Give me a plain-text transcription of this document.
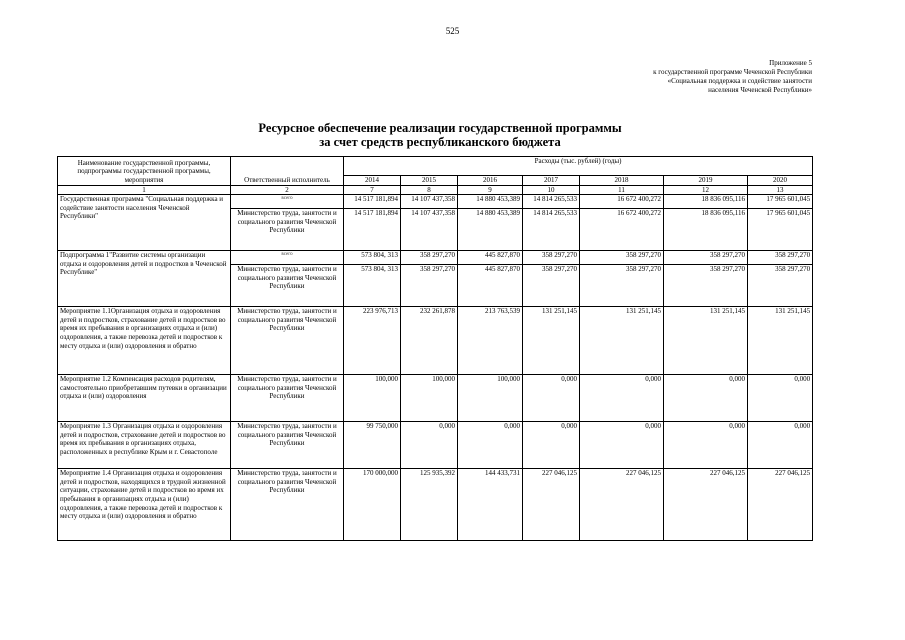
525
Приложение 5
к государственной программе Чеченской Республики
«Социальная поддержка и содействие занятости
населения Чеченской Республики»
Ресурсное обеспечение реализации государственной программы
за счет средств республиканского бюджета
Наименование государственной программы, подпрограммы государственной программы, мероприятия	Ответственный исполнитель	Расходы (тыс. рублей) (годы)						
		2014	2015	2016	2017	2018	2019	2020
1	2	7	8	9	10	11	12	13
Государственная программа "Социальная поддержка и содействие занятости населения Чеченской Республики"	всего	14 517 181,894	14 107 437,358	14 880 453,389	14 814 265,533	16 672 400,272	18 836 095,116	17 965 601,045
	Министерство труда, занятости и социального развития Чеченской Республики	14 517 181,894	14 107 437,358	14 880 453,389	14 814 265,533	16 672 400,272	18 836 095,116	17 965 601,045
Подпрограмма 1"Развитие системы организации отдыха и оздоровления детей и подростков в Чеченской Республике"	всего	573 804, 313	358 297,270	445 827,870	358 297,270	358 297,270	358 297,270	358 297,270
	Министерство труда, занятости и социального развития Чеченской Республики	573 804, 313	358 297,270	445 827,870	358 297,270	358 297,270	358 297,270	358 297,270
Мероприятие 1.1Организация отдыха и оздоровления детей и подростков, страхование детей и подростков во время их пребывания в организациях отдыха и (или) оздоровления, а также перевозка детей и подростков к месту отдыха и (или) оздоровления и обратно	Министерство труда, занятости и социального развития Чеченской Республики	223 976,713	232 261,878	213 763,539	131 251,145	131 251,145	131 251,145	131 251,145
Мероприятие 1.2 Компенсация расходов родителям, самостоятельно приобретавшим путевки в организации отдыха и (или) оздоровления	Министерство труда, занятости и социального развития Чеченской Республики	100,000	100,000	100,000	0,000	0,000	0,000	0,000
Мероприятие 1.3 Организация отдыха и оздоровления детей и подростков, страхование детей и подростков во время их пребывания в организациях отдыха, расположенных в республике Крым и г. Севастополе	Министерство труда, занятости и социального развития Чеченской Республики	99 750,000	0,000	0,000	0,000	0,000	0,000	0,000
Мероприятие 1.4 Организация отдыха и оздоровления детей и подростков, находящихся в трудной жизненной ситуации, страхование детей и подростков во время их пребывания в организациях отдыха и (или) оздоровления, а также перевозка детей и подростков к месту отдыха и (или) оздоровления и обратно	Министерство труда, занятости и социального развития Чеченской Республики	170 000,000	125 935,392	144 433,731	227 046,125	227 046,125	227 046,125	227 046,125
